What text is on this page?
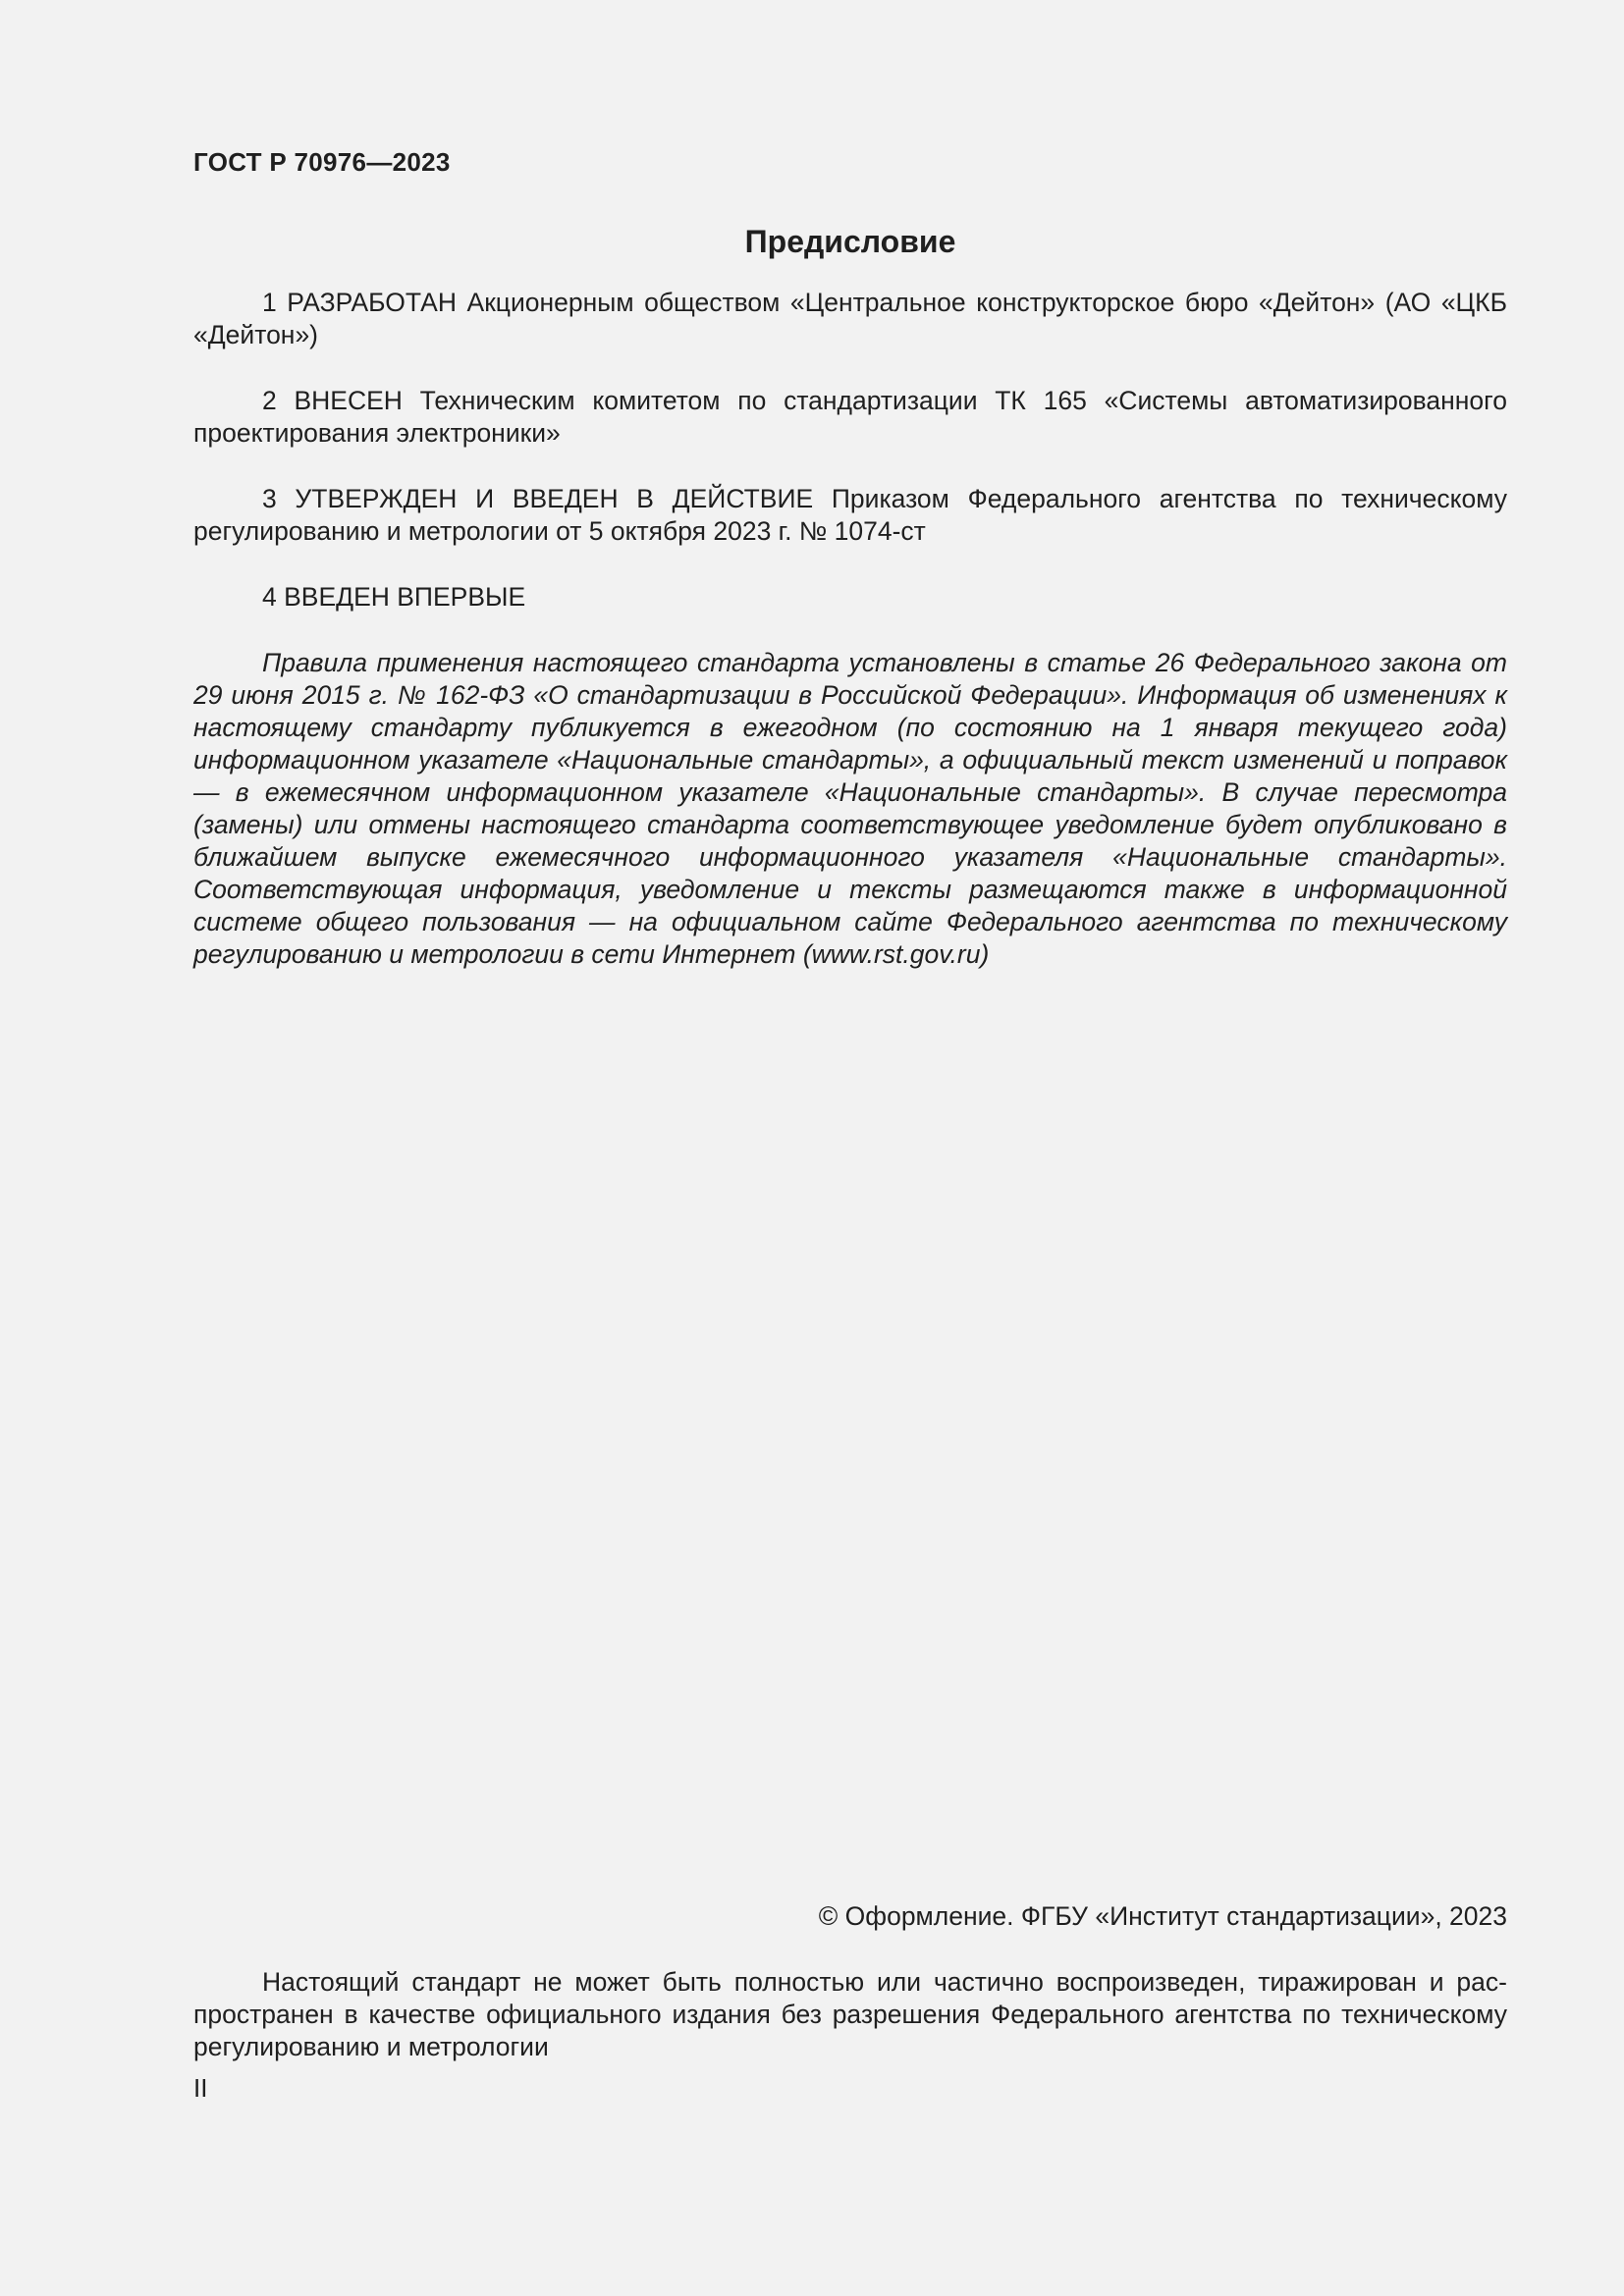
ГОСТ Р 70976—2023
Предисловие

1 РАЗРАБОТАН Акционерным обществом «Центральное конструкторское бюро «Дейтон» (АО «ЦКБ «Дейтон»)

2 ВНЕСЕН Техническим комитетом по стандартизации ТК 165 «Системы автоматизированного проектирования электроники»

3 УТВЕРЖДЕН И ВВЕДЕН В ДЕЙСТВИЕ Приказом Федерального агентства по техническому регулированию и метрологии от 5 октября 2023 г. № 1074-ст

4 ВВЕДЕН ВПЕРВЫЕ

Правила применения настоящего стандарта установлены в статье 26 Федерального закона от 29 июня 2015 г. № 162-ФЗ «О стандартизации в Российской Федерации». Информация об изменениях к настоящему стандарту публикуется в ежегодном (по состоянию на 1 января текущего года) информационном указателе «Национальные стандарты», а официальный текст изменений и поправок — в ежемесячном информационном указателе «Национальные стандарты». В случае пересмотра (замены) или отмены настоящего стандарта соответствующее уведомление будет опубликовано в ближайшем выпуске ежемесячного информационного указателя «Национальные стандарты». Соответствующая информация, уведомление и тексты размещаются также в информационной системе общего пользования — на официальном сайте Федерального агентства по техническому регулированию и метрологии в сети Интернет (www.rst.gov.ru)

© Оформление. ФГБУ «Институт стандартизации», 2023

Настоящий стандарт не может быть полностью или частично воспроизведен, тиражирован и распространен в качестве официального издания без разрешения Федерального агентства по техническому регулированию и метрологии

II
